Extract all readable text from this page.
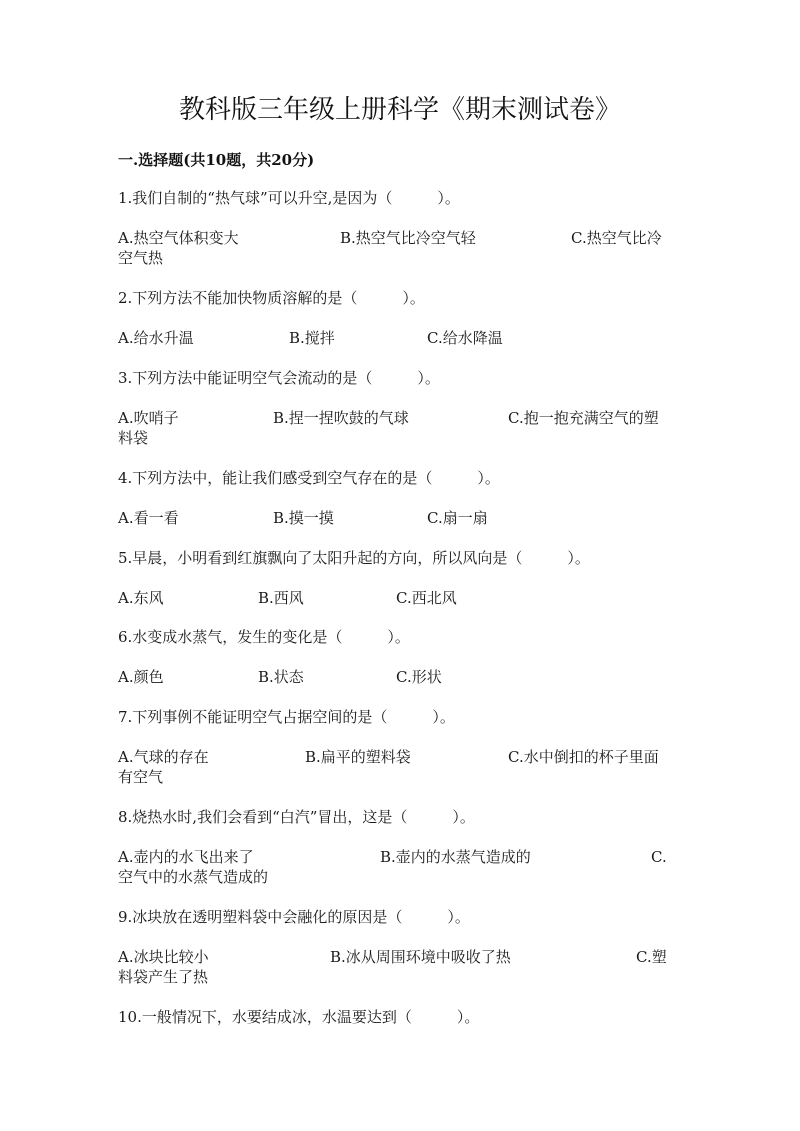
教科版三年级上册科学《期末测试卷》
一.选择题(共10题，共20分)
1.我们自制的“热气球”可以升空,是因为（　　　）。
A.热空气体积变大	B.热空气比冷空气轻	C.热空气比冷
空气热
2.下列方法不能加快物质溶解的是（　　　）。
A.给水升温	B.搅拌	C.给水降温
3.下列方法中能证明空气会流动的是（　　　）。
A.吹哨子	B.捏一捏吹鼓的气球	C.抱一抱充满空气的塑
料袋
4.下列方法中，能让我们感受到空气存在的是（　　　）。
A.看一看	B.摸一摸	C.扇一扇
5.早晨，小明看到红旗飘向了太阳升起的方向，所以风向是（　　　）。
A.东风	B.西风	C.西北风
6.水变成水蒸气，发生的变化是（　　　）。
A.颜色	B.状态	C.形状
7.下列事例不能证明空气占据空间的是（　　　）。
A.气球的存在	B.扁平的塑料袋	C.水中倒扣的杯子里面
有空气
8.烧热水时,我们会看到“白汽”冒出，这是（　　　）。
A.壶内的水飞出来了	B.壶内的水蒸气造成的	C.
空气中的水蒸气造成的
9.冰块放在透明塑料袋中会融化的原因是（　　　）。
A.冰块比较小	B.冰从周围环境中吸收了热	C.塑
料袋产生了热
10.一般情况下，水要结成冰，水温要达到（　　　）。
